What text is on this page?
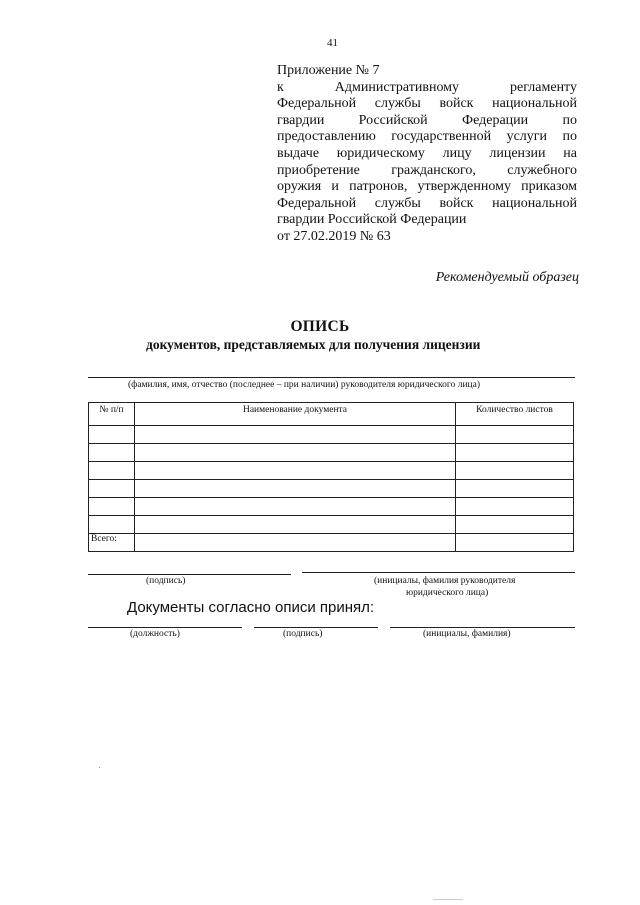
41
Приложение № 7
к Административному регламенту
Федеральной службы войск национальной
гвардии Российской Федерации по
предоставлению государственной услуги по
выдаче юридическому лицу лицензии на
приобретение гражданского, служебного
оружия и патронов, утвержденному приказом
Федеральной службы войск национальной
гвардии Российской Федерации
от 27.02.2019 № 63
Рекомендуемый образец
ОПИСЬ
документов, представляемых для получения лицензии
(фамилия, имя, отчество (последнее – при наличии) руководителя юридического лица)
№ п/п	Наименование документа	Количество листов

Всего:		
(подпись)	(инициалы, фамилия руководителя
юридического лица)
Документы согласно описи принял:
(должность)	(подпись)	(инициалы, фамилия)
